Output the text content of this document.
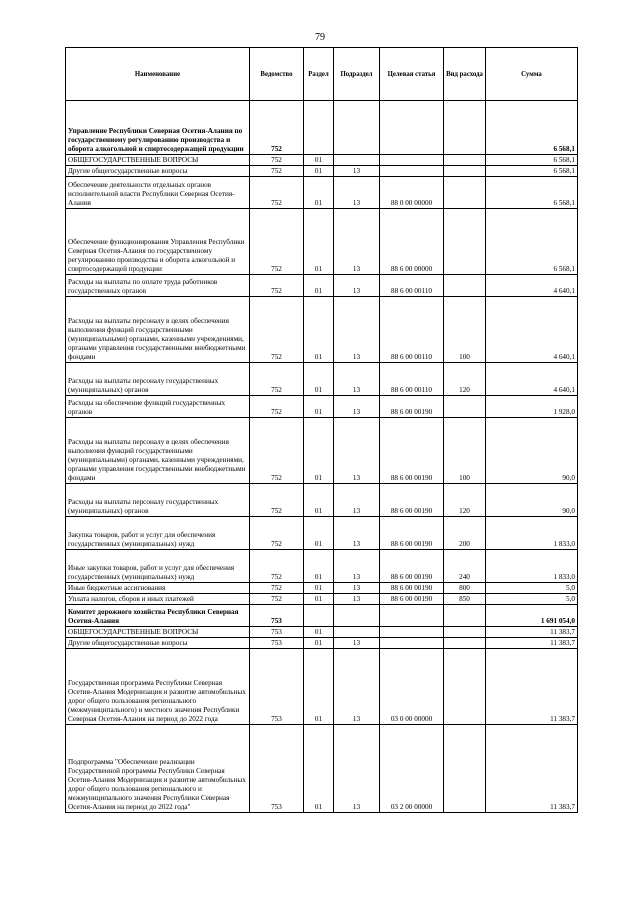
79
Наименование	Ведомство	Раздел	Подраздел	Целевая статья	Вид расхода	Сумма
Управление Республики Северная Осетия-Алания по государственному регулированию производства и оборота алкогольной и спиртосодержащей продукции	752					6 568,1
ОБЩЕГОСУДАРСТВЕННЫЕ ВОПРОСЫ	752	01				6 568,1
Другие общегосударственные вопросы	752	01	13			6 568,1
Обеспечение деятельности отдельных органов исполнительной власти Республики Северная Осетия-Алания	752	01	13	88 0 00 00000		6 568,1
Обеспечение функционирования Управления Республики Северная Осетия-Алания по государственному регулированию производства и оборота алкогольной и спиртосодержащей продукции	752	01	13	88 6 00 00000		6 568,1
Расходы на выплаты по оплате труда работников государственных органов	752	01	13	88 6 00 00110		4 640,1
Расходы на выплаты персоналу в целях обеспечения выполнения функций государственными (муниципальными) органами, казенными учреждениями, органами управления государственными внебюджетными фондами	752	01	13	88 6 00 00110	100	4 640,1
Расходы на выплаты персоналу государственных (муниципальных) органов	752	01	13	88 6 00 00110	120	4 640,1
Расходы на обеспечение функций государственных органов	752	01	13	88 6 00 00190		1 928,0
Расходы на выплаты персоналу в целях обеспечения выполнения функций государственными (муниципальными) органами, казенными учреждениями, органами управления государственными внебюджетными фондами	752	01	13	88 6 00 00190	100	90,0
Расходы на выплаты персоналу государственных (муниципальных) органов	752	01	13	88 6 00 00190	120	90,0
Закупка товаров, работ и услуг для обеспечения государственных (муниципальных) нужд	752	01	13	88 6 00 00190	200	1 833,0
Иные закупки товаров, работ и услуг для обеспечения государственных (муниципальных) нужд	752	01	13	88 6 00 00190	240	1 833,0
Иные бюджетные ассигнования	752	01	13	88 6 00 00190	800	5,0
Уплата налогов, сборов и иных платежей	752	01	13	88 6 00 00190	850	5,0
Комитет дорожного хозяйства Республики Северная Осетия-Алания	753					1 691 054,0
ОБЩЕГОСУДАРСТВЕННЫЕ ВОПРОСЫ	753	01				11 383,7
Другие общегосударственные вопросы	753	01	13			11 383,7
Государственная программа Республики Северная Осетия-Алания Модернизация и развитие автомобильных дорог общего пользования регионального (межмуниципального) и местного значения Республики Северная Осетия-Алания на период до 2022 года	753	01	13	03 0 00 00000		11 383,7
Подпрограмма "Обеспечение реализации Государственной программы Республики Северная Осетия-Алания Модернизация и развитие автомобильных дорог общего пользования регионального и межмуниципального значения Республики Северная Осетия-Алания на период до 2022 года"	753	01	13	03 2 00 00000		11 383,7
